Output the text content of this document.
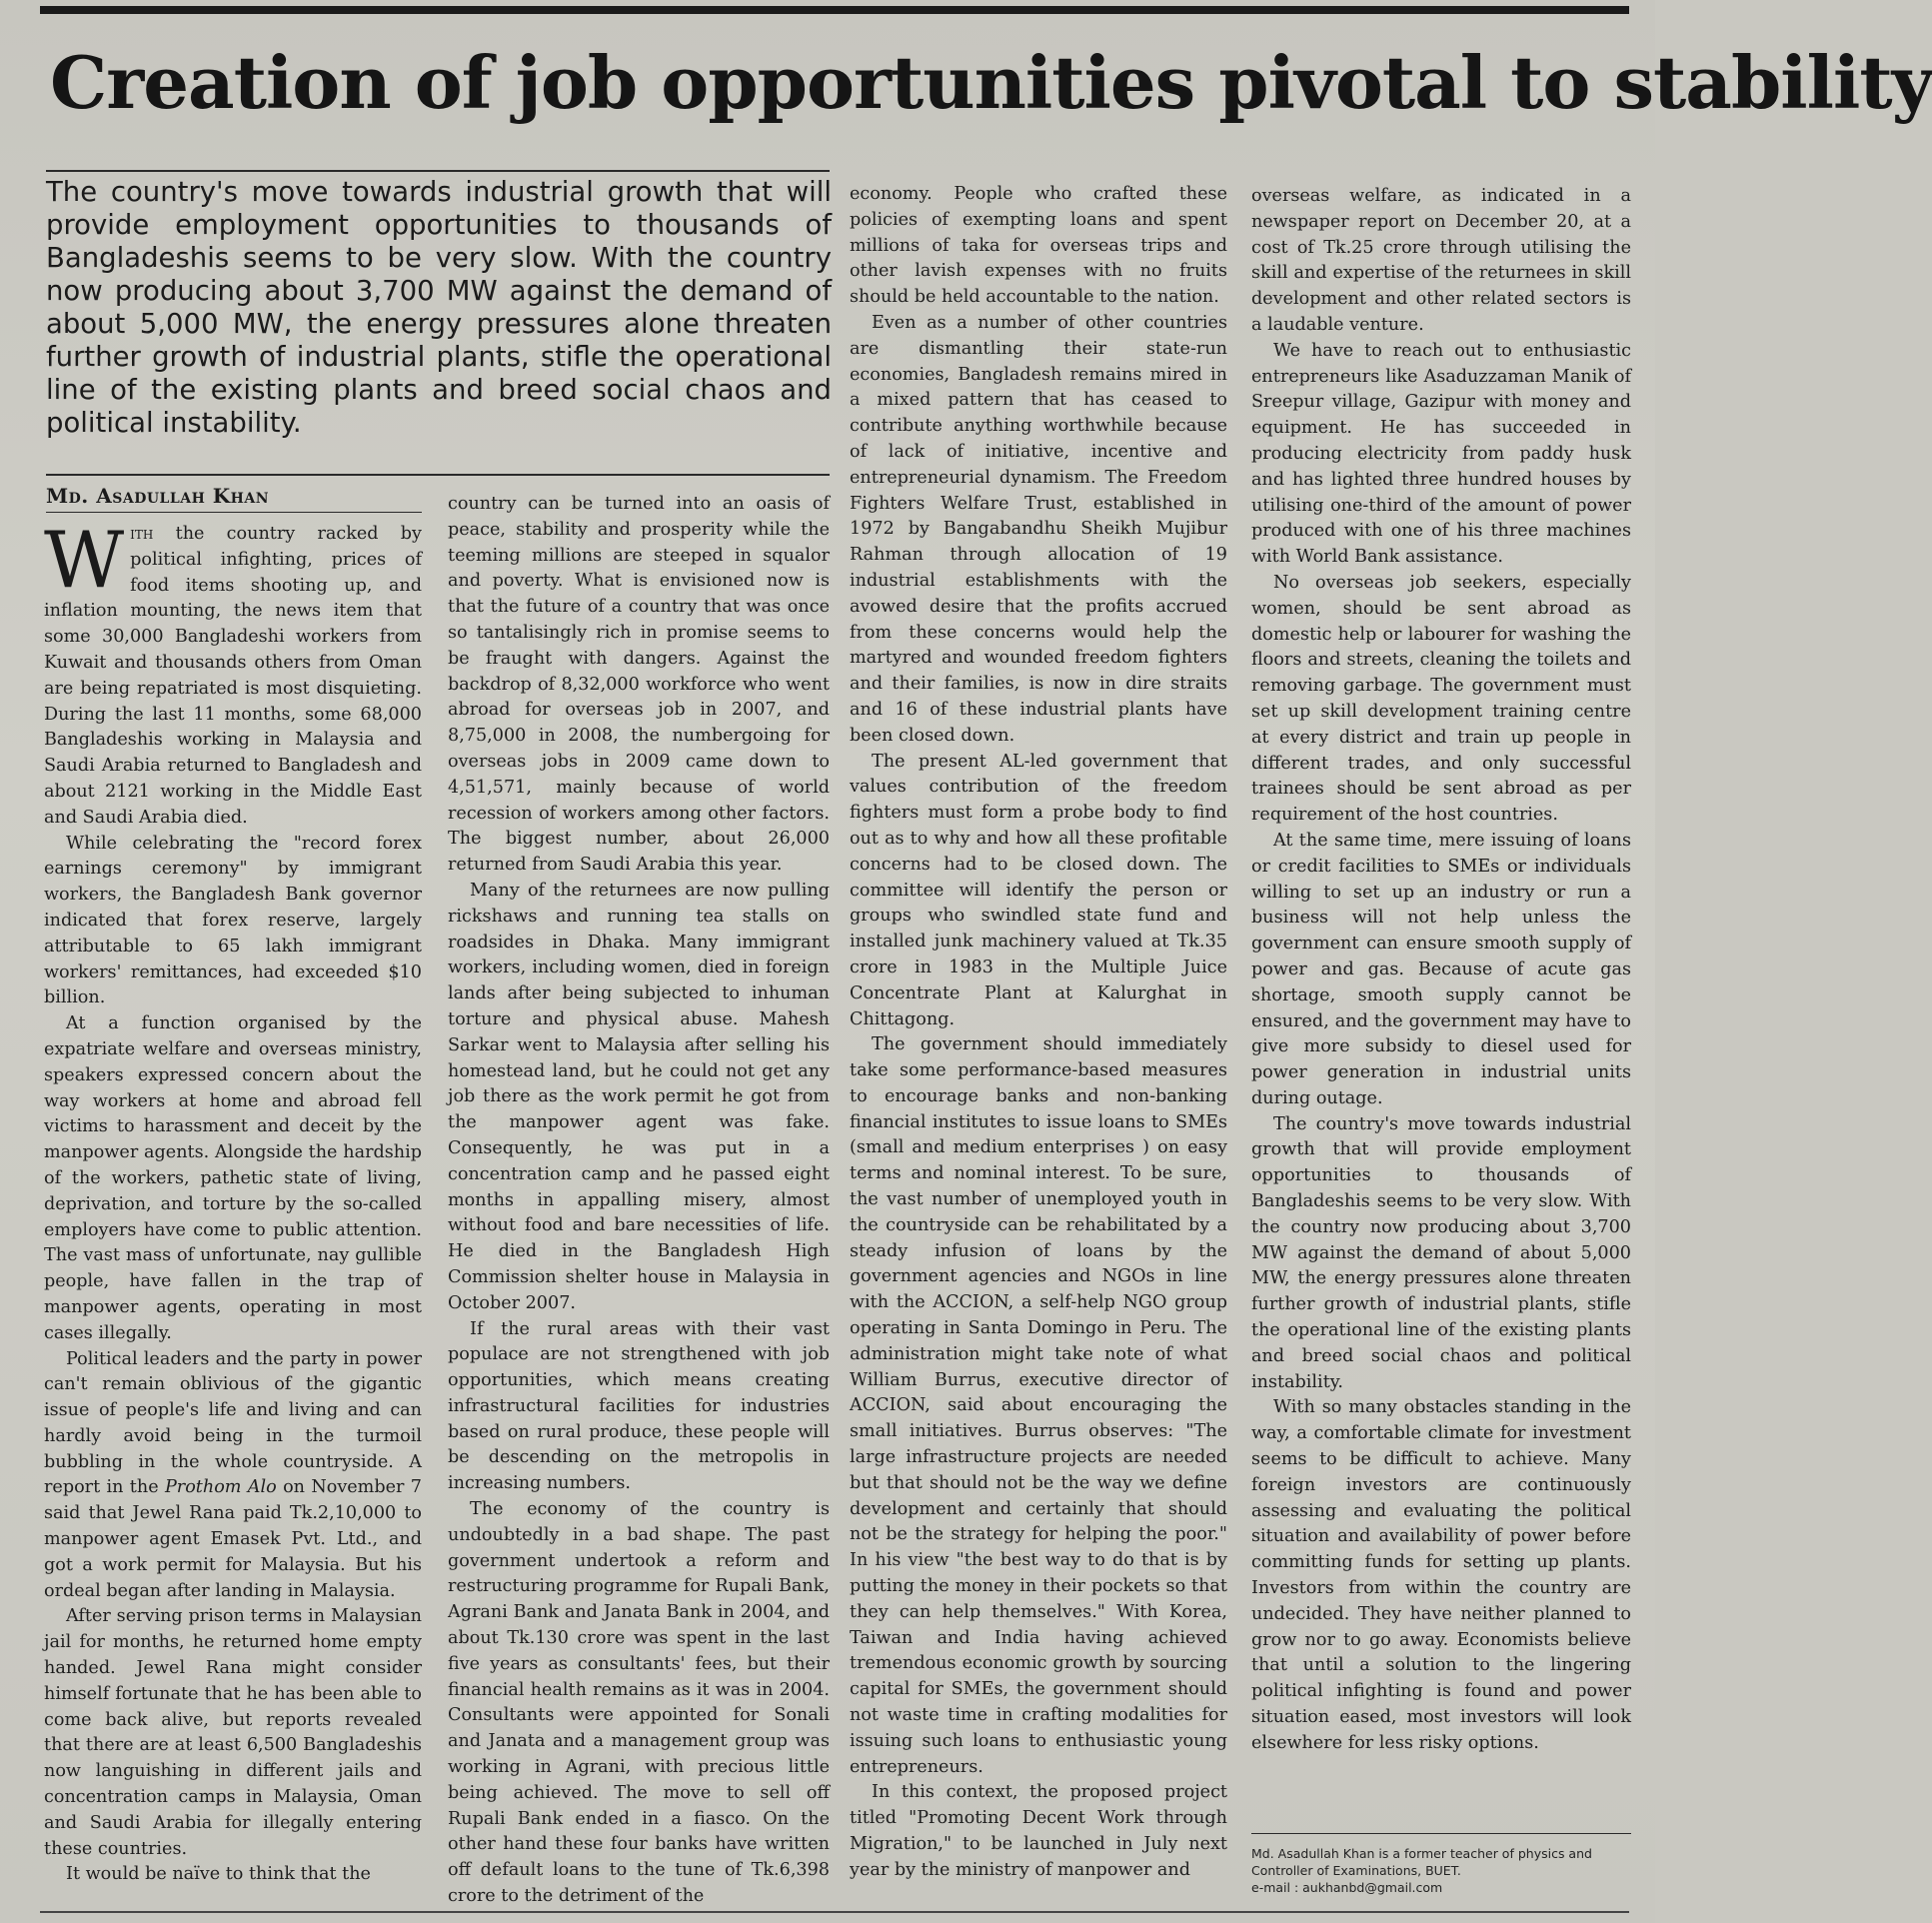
Creation of job opportunities pivotal to stability

The country's move towards industrial growth that will provide employment opportunities to thousands of Bangladeshis seems to be very slow. With the country now producing about 3,700 MW against the demand of about 5,000 MW, the energy pressures alone threaten further growth of industrial plants, stifle the operational line of the existing plants and breed social chaos and political instability.

Md. Asadullah Khan

With the country racked by political infighting, prices of food items shooting up, and inflation mounting, the news item that some 30,000 Bangladeshi workers from Kuwait and thousands others from Oman are being repatriated is most disquieting. During the last 11 months, some 68,000 Bangladeshis working in Malaysia and Saudi Arabia returned to Bangladesh and about 2121 working in the Middle East and Saudi Arabia died.

While celebrating the "record forex earnings ceremony" by immigrant workers, the Bangladesh Bank governor indicated that forex reserve, largely attributable to 65 lakh immigrant workers' remittances, had exceeded $10 billion.

At a function organised by the expatriate welfare and overseas ministry, speakers expressed concern about the way workers at home and abroad fell victims to harassment and deceit by the manpower agents. Alongside the hardship of the workers, pathetic state of living, deprivation, and torture by the so-called employers have come to public attention. The vast mass of unfortunate, nay gullible people, have fallen in the trap of manpower agents, operating in most cases illegally.

Political leaders and the party in power can't remain oblivious of the gigantic issue of people's life and living and can hardly avoid being in the turmoil bubbling in the whole countryside. A report in the Prothom Alo on November 7 said that Jewel Rana paid Tk.2,10,000 to manpower agent Emasek Pvt. Ltd., and got a work permit for Malaysia. But his ordeal began after landing in Malaysia.

After serving prison terms in Malaysian jail for months, he returned home empty handed. Jewel Rana might consider himself fortunate that he has been able to come back alive, but reports revealed that there are at least 6,500 Bangladeshis now languishing in different jails and concentration camps in Malaysia, Oman and Saudi Arabia for illegally entering these countries.

It would be naïve to think that the

country can be turned into an oasis of peace, stability and prosperity while the teeming millions are steeped in squalor and poverty. What is envisioned now is that the future of a country that was once so tantalisingly rich in promise seems to be fraught with dangers. Against the backdrop of 8,32,000 workforce who went abroad for overseas job in 2007, and 8,75,000 in 2008, the numbergoing for overseas jobs in 2009 came down to 4,51,571, mainly because of world recession of workers among other factors. The biggest number, about 26,000 returned from Saudi Arabia this year.

Many of the returnees are now pulling rickshaws and running tea stalls on roadsides in Dhaka. Many immigrant workers, including women, died in foreign lands after being subjected to inhuman torture and physical abuse. Mahesh Sarkar went to Malaysia after selling his homestead land, but he could not get any job there as the work permit he got from the manpower agent was fake. Consequently, he was put in a concentration camp and he passed eight months in appalling misery, almost without food and bare necessities of life. He died in the Bangladesh High Commission shelter house in Malaysia in October 2007.

If the rural areas with their vast populace are not strengthened with job opportunities, which means creating infrastructural facilities for industries based on rural produce, these people will be descending on the metropolis in increasing numbers.

The economy of the country is undoubtedly in a bad shape. The past government undertook a reform and restructuring programme for Rupali Bank, Agrani Bank and Janata Bank in 2004, and about Tk.130 crore was spent in the last five years as consultants' fees, but their financial health remains as it was in 2004. Consultants were appointed for Sonali and Janata and a management group was working in Agrani, with precious little being achieved. The move to sell off Rupali Bank ended in a fiasco. On the other hand these four banks have written off default loans to the tune of Tk.6,398 crore to the detriment of the

economy. People who crafted these policies of exempting loans and spent millions of taka for overseas trips and other lavish expenses with no fruits should be held accountable to the nation.

Even as a number of other countries are dismantling their state-run economies, Bangladesh remains mired in a mixed pattern that has ceased to contribute anything worthwhile because of lack of initiative, incentive and entrepreneurial dynamism. The Freedom Fighters Welfare Trust, established in 1972 by Bangabandhu Sheikh Mujibur Rahman through allocation of 19 industrial establishments with the avowed desire that the profits accrued from these concerns would help the martyred and wounded freedom fighters and their families, is now in dire straits and 16 of these industrial plants have been closed down.

The present AL-led government that values contribution of the freedom fighters must form a probe body to find out as to why and how all these profitable concerns had to be closed down. The committee will identify the person or groups who swindled state fund and installed junk machinery valued at Tk.35 crore in 1983 in the Multiple Juice Concentrate Plant at Kalurghat in Chittagong.

The government should immediately take some performance-based measures to encourage banks and non-banking financial institutes to issue loans to SMEs (small and medium enterprises ) on easy terms and nominal interest. To be sure, the vast number of unemployed youth in the countryside can be rehabilitated by a steady infusion of loans by the government agencies and NGOs in line with the ACCION, a self-help NGO group operating in Santa Domingo in Peru. The administration might take note of what William Burrus, executive director of ACCION, said about encouraging the small initiatives. Burrus observes: "The large infrastructure projects are needed but that should not be the way we define development and certainly that should not be the strategy for helping the poor." In his view "the best way to do that is by putting the money in their pockets so that they can help themselves." With Korea, Taiwan and India having achieved tremendous economic growth by sourcing capital for SMEs, the government should not waste time in crafting modalities for issuing such loans to enthusiastic young entrepreneurs.

In this context, the proposed project titled "Promoting Decent Work through Migration," to be launched in July next year by the ministry of manpower and

overseas welfare, as indicated in a newspaper report on December 20, at a cost of Tk.25 crore through utilising the skill and expertise of the returnees in skill development and other related sectors is a laudable venture.

We have to reach out to enthusiastic entrepreneurs like Asaduzzaman Manik of Sreepur village, Gazipur with money and equipment. He has succeeded in producing electricity from paddy husk and has lighted three hundred houses by utilising one-third of the amount of power produced with one of his three machines with World Bank assistance.

No overseas job seekers, especially women, should be sent abroad as domestic help or labourer for washing the floors and streets, cleaning the toilets and removing garbage. The government must set up skill development training centre at every district and train up people in different trades, and only successful trainees should be sent abroad as per requirement of the host countries.

At the same time, mere issuing of loans or credit facilities to SMEs or individuals willing to set up an industry or run a business will not help unless the government can ensure smooth supply of power and gas. Because of acute gas shortage, smooth supply cannot be ensured, and the government may have to give more subsidy to diesel used for power generation in industrial units during outage.

The country's move towards industrial growth that will provide employment opportunities to thousands of Bangladeshis seems to be very slow. With the country now producing about 3,700 MW against the demand of about 5,000 MW, the energy pressures alone threaten further growth of industrial plants, stifle the operational line of the existing plants and breed social chaos and political instability.

With so many obstacles standing in the way, a comfortable climate for investment seems to be difficult to achieve. Many foreign investors are continuously assessing and evaluating the political situation and availability of power before committing funds for setting up plants. Investors from within the country are undecided. They have neither planned to grow nor to go away. Economists believe that until a solution to the lingering political infighting is found and power situation eased, most investors will look elsewhere for less risky options.

Md. Asadullah Khan is a former teacher of physics and
Controller of Examinations, BUET.
e-mail : aukhanbd@gmail.com
